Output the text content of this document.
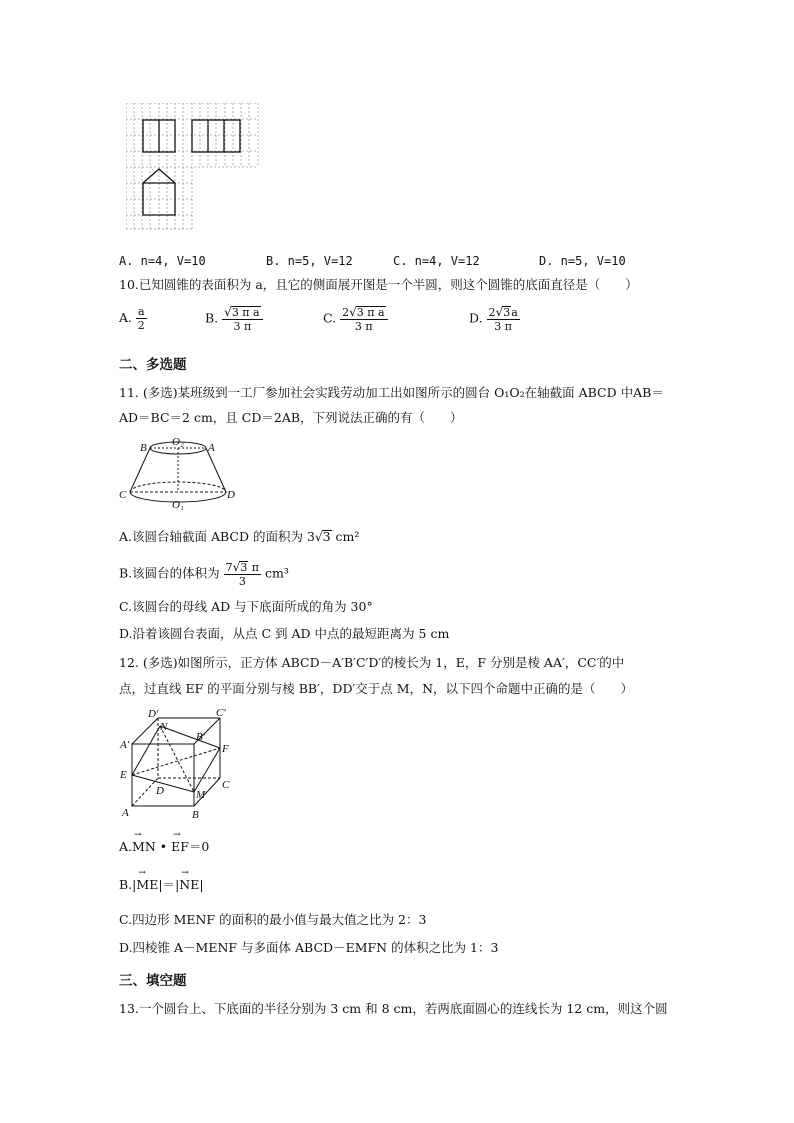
A. n=4, V=10	B. n=5, V=12	C. n=4, V=12	D. n=5, V=10
10.已知圆锥的表面积为 a，且它的侧面展开图是一个半圆，则这个圆锥的底面直径是（　　）
A. $\frac{a}{2}$	B. $\frac{\text{√3 π a}}{3 \pi}$	C. $\frac{\text{2√3 π a}}{3 \pi}$	D. $\frac{2√3a}{3 \pi}$
二、多选题
11. (多选)某班级到一工厂参加社会实践劳动加工出如图所示的圆台 O₁O₂在轴截面 ABCD 中AB＝
AD＝BC＝2 cm，且 CD＝2AB，下列说法正确的有（　　）
B O₂ A
C
O₁
D
A.该圆台轴截面 ABCD 的面积为 3√3 cm²
B.该圆台的体积为 $\frac{7√3 \pi}{3} cm^3$
C.该圆台的母线 AD 与下底面所成的角为 30°
D.沿着该圆台表面，从点 C 到 AD 中点的最短距离为 5 cm
12. (多选)如图所示，正方体 ABCD－A′B′C′D′的棱长为 1，E，F 分别是棱 AA′，CC′的中
点，过直线 EF 的平面分别与棱 BB′，DD′交于点 M，N，以下四个命题中正确的是（　　）
D′	C′
N
B′
A′	F
E
C
D	M
A	B
A.→ MN • → EF＝0
B.|→ ME|＝|→ NE|
C.四边形 MENF 的面积的最小值与最大值之比为 2：3
D.四棱锥 A－MENF 与多面体 ABCD－EMFN 的体积之比为 1：3
三、填空题
13.一个圆台上、下底面的半径分别为 3 cm 和 8 cm，若两底面圆心的连线长为 12 cm，则这个圆
